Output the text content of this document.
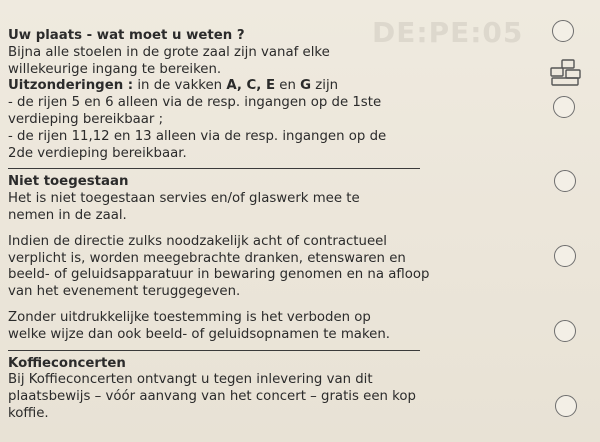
DE:PE:05
Uw plaats - wat moet u weten ?
Bijna alle stoelen in de grote zaal zijn vanaf elke
willekeurige ingang te bereiken.
Uitzonderingen : in de vakken A, C, E en G zijn
- de rijen 5 en 6 alleen via de resp. ingangen op de 1ste
verdieping bereikbaar ;
- de rijen 11,12 en 13 alleen via de resp. ingangen op de
2de verdieping bereikbaar.
Niet toegestaan
Het is niet toegestaan servies en/of glaswerk mee te
nemen in de zaal.
Indien de directie zulks noodzakelijk acht of contractueel
verplicht is, worden meegebrachte dranken, etenswaren en
beeld- of geluidsapparatuur in bewaring genomen en na afloop
van het evenement teruggegeven.
Zonder uitdrukkelijke toestemming is het verboden op
welke wijze dan ook beeld- of geluidsopnamen te maken.
Koffieconcerten
Bij Koffieconcerten ontvangt u tegen inlevering van dit
plaatsbewijs – vóór aanvang van het concert – gratis een kop
koffie.
